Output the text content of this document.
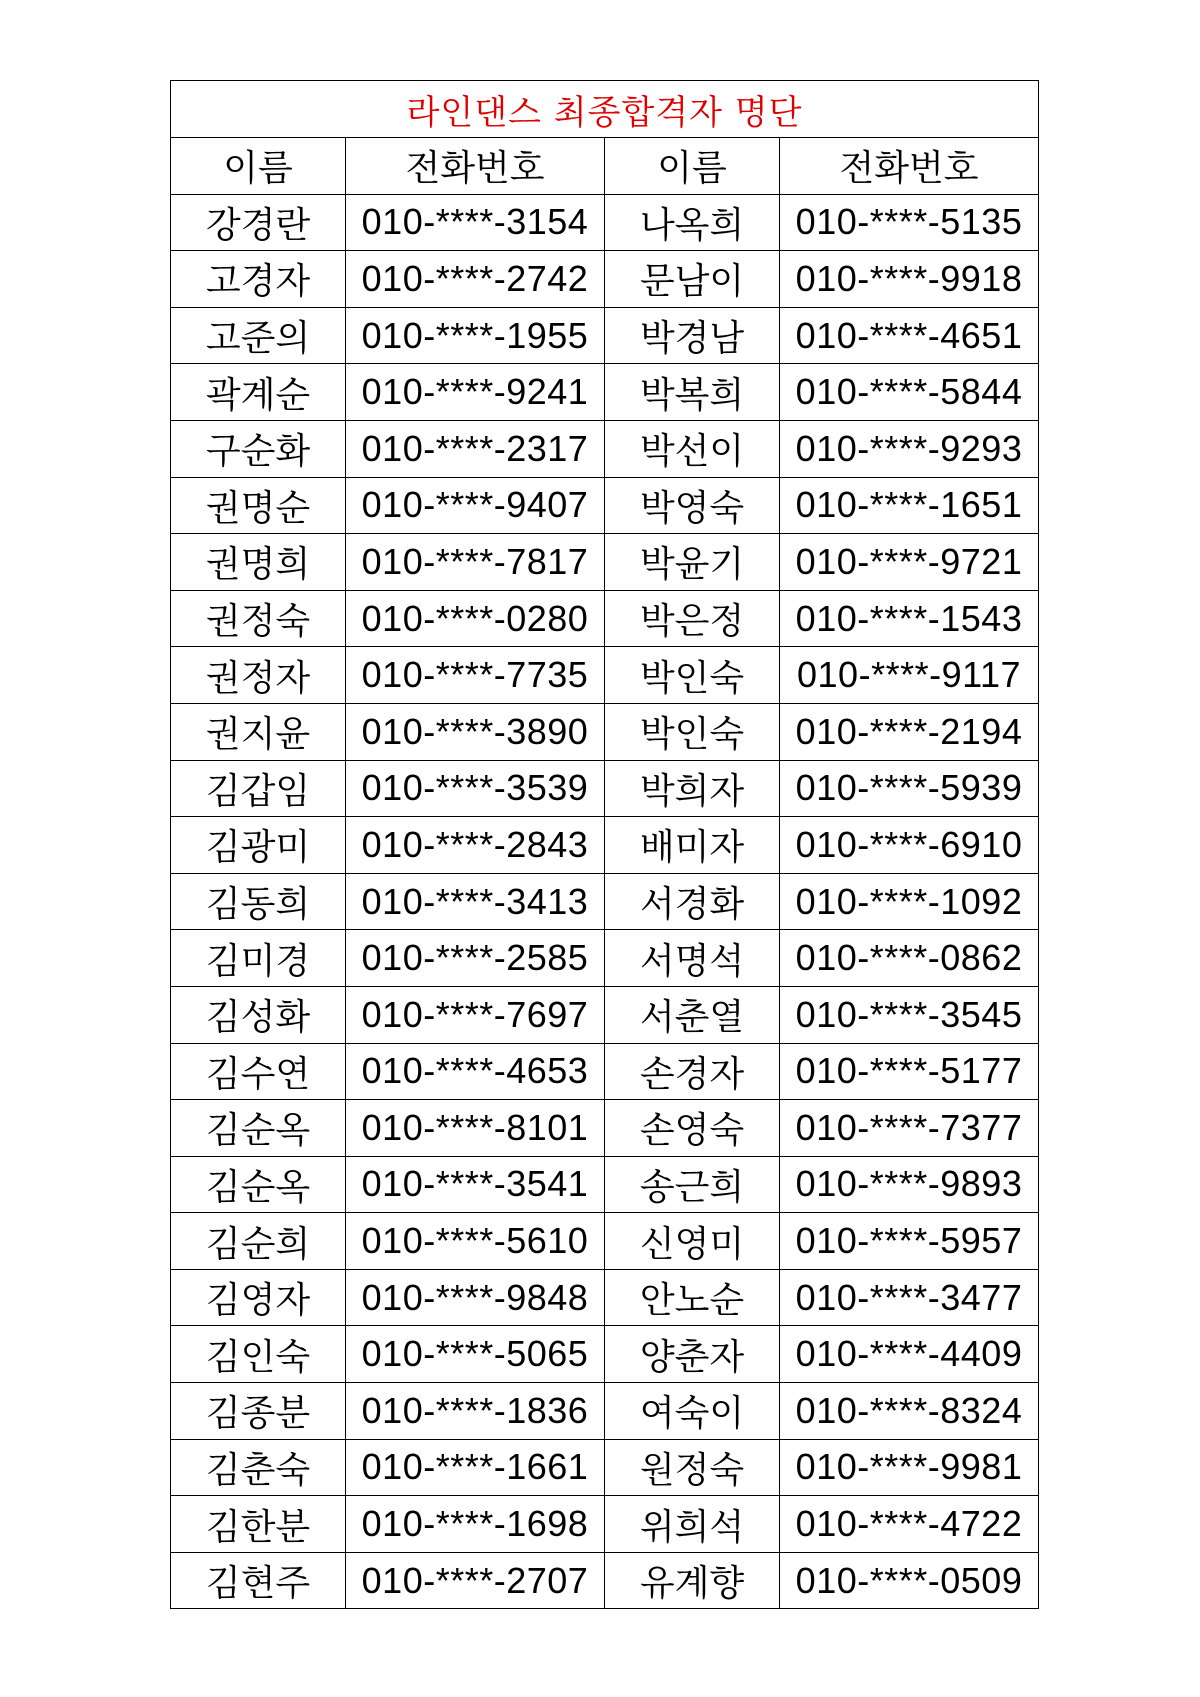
라인댄스 최종합격자 명단			
이름	전화번호	이름	전화번호
강경란	010-****-3154	나옥희	010-****-5135
고경자	010-****-2742	문남이	010-****-9918
고준의	010-****-1955	박경남	010-****-4651
곽계순	010-****-9241	박복희	010-****-5844
구순화	010-****-2317	박선이	010-****-9293
권명순	010-****-9407	박영숙	010-****-1651
권명희	010-****-7817	박윤기	010-****-9721
권정숙	010-****-0280	박은정	010-****-1543
권정자	010-****-7735	박인숙	010-****-9117
권지윤	010-****-3890	박인숙	010-****-2194
김갑임	010-****-3539	박희자	010-****-5939
김광미	010-****-2843	배미자	010-****-6910
김동희	010-****-3413	서경화	010-****-1092
김미경	010-****-2585	서명석	010-****-0862
김성화	010-****-7697	서춘열	010-****-3545
김수연	010-****-4653	손경자	010-****-5177
김순옥	010-****-8101	손영숙	010-****-7377
김순옥	010-****-3541	송근희	010-****-9893
김순희	010-****-5610	신영미	010-****-5957
김영자	010-****-9848	안노순	010-****-3477
김인숙	010-****-5065	양춘자	010-****-4409
김종분	010-****-1836	여숙이	010-****-8324
김춘숙	010-****-1661	원정숙	010-****-9981
김한분	010-****-1698	위희석	010-****-4722
김현주	010-****-2707	유계향	010-****-0509
